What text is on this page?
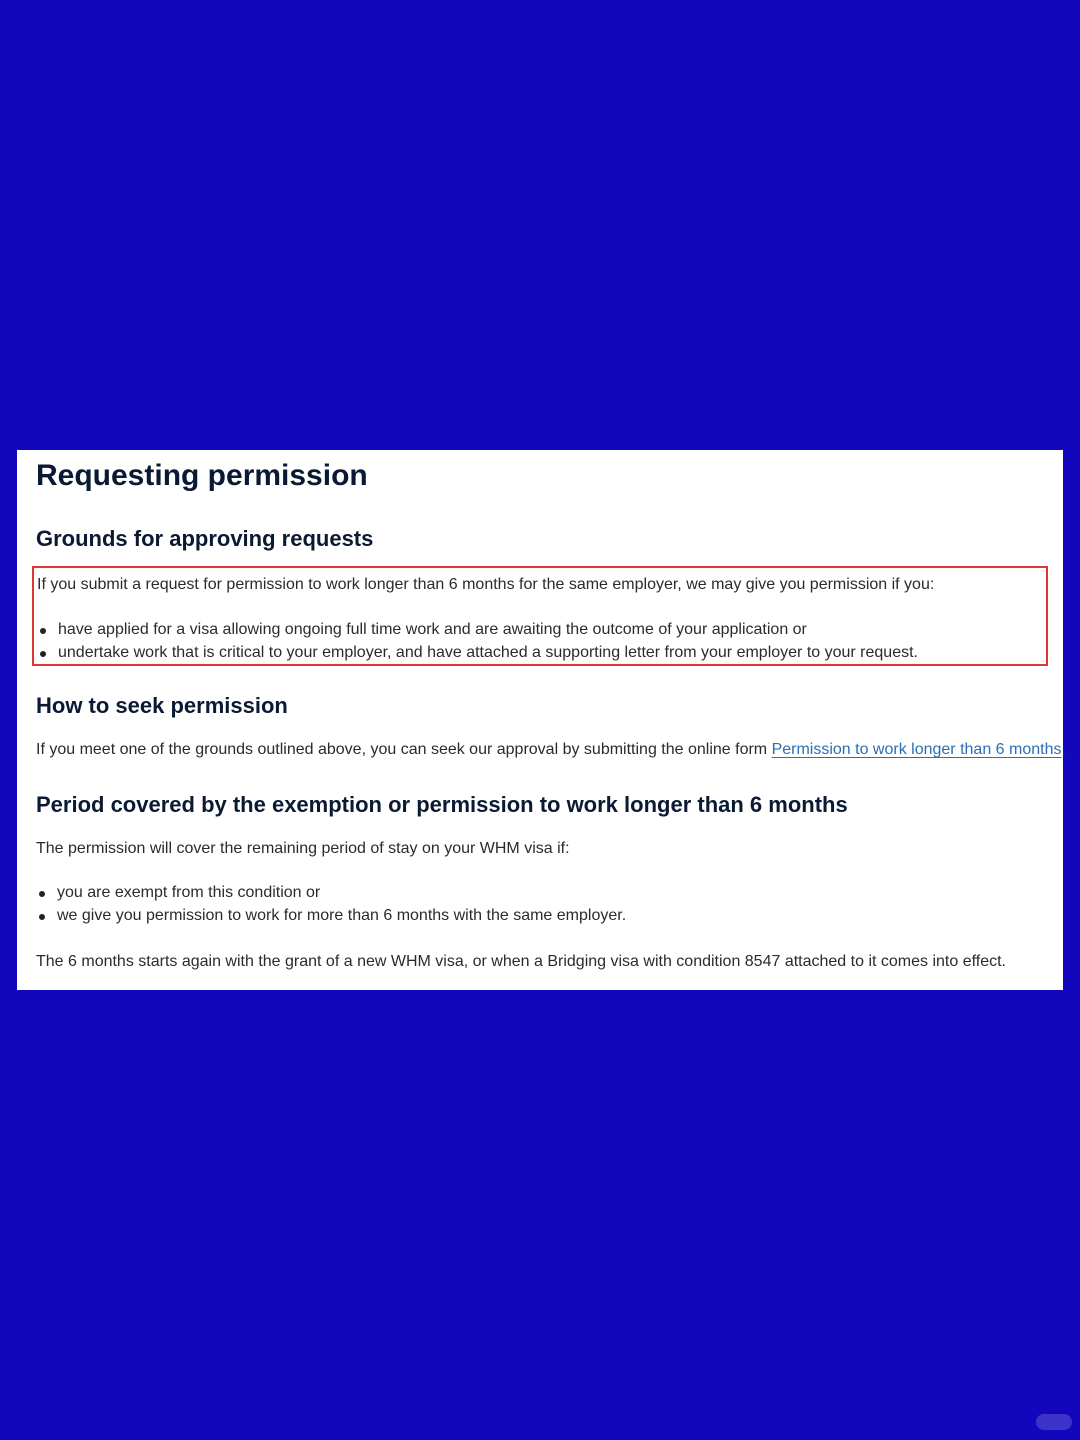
Requesting permission
Grounds for approving requests

If you submit a request for permission to work longer than 6 months for the same employer, we may give you permission if you:

have applied for a visa allowing ongoing full time work and are awaiting the outcome of your application or
undertake work that is critical to your employer, and have attached a supporting letter from your employer to your request.
How to seek permission

If you meet one of the grounds outlined above, you can seek our approval by submitting the online form Permission to work longer than 6 months.

Period covered by the exemption or permission to work longer than 6 months

The permission will cover the remaining period of stay on your WHM visa if:

you are exempt from this condition or
we give you permission to work for more than 6 months with the same employer.

The 6 months starts again with the grant of a new WHM visa, or when a Bridging visa with condition 8547 attached to it comes into effect.
